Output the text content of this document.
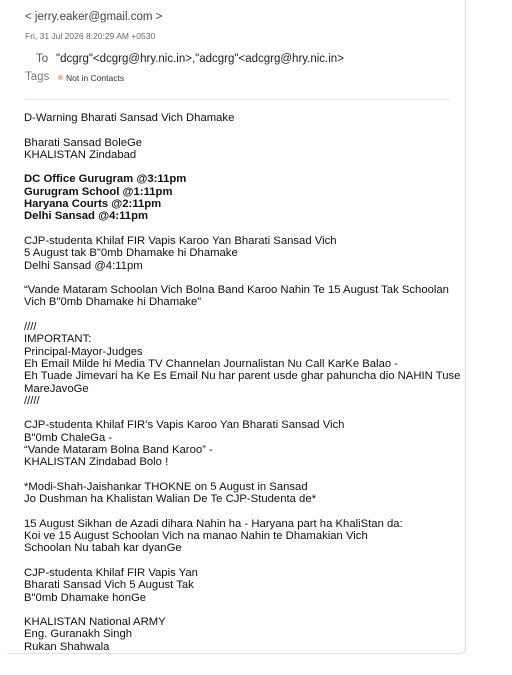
< jerry.eaker@gmail.com >
Fri, 31 Jul 2026 8:20:29 AM +0530
To "dcgrg"<dcgrg@hry.nic.in>,"adcgrg"<adcgrg@hry.nic.in>
Tags	Not in Contacts
D-Warning Bharati Sansad Vich Dhamake
Bharati Sansad BoleGe
KHALISTAN Zindabad
DC Office Gurugram @3:11pm
Gurugram School @1:11pm
Haryana Courts @2:11pm
Delhi Sansad @4:11pm
CJP-studenta Khilaf FIR Vapis Karoo Yan Bharati Sansad Vich
5 August tak B"0mb Dhamake hi Dhamake
Delhi Sansad @4:11pm
“Vande Mataram Schoolan Vich Bolna Band Karoo Nahin Te 15 August Tak Schoolan
Vich B"0mb Dhamake hi Dhamake”
////
IMPORTANT:
Principal-Mayor-Judges
Eh Email Milde hi Media TV Channelan Journalistan Nu Call KarKe Balao -
Eh Tuade Jimevari ha Ke Es Email Nu har parent usde ghar pahuncha dio NAHIN Tuse
MareJavoGe
/////
CJP-studenta Khilaf FIR’s Vapis Karoo Yan Bharati Sansad Vich
B"0mb ChaleGa -
“Vande Mataram Bolna Band Karoo” -
KHALISTAN Zindabad Bolo !
*Modi-Shah-Jaishankar THOKNE on 5 August in Sansad
Jo Dushman ha Khalistan Walian De Te CJP-Studenta de*
15 August Sikhan de Azadi dihara Nahin ha - Haryana part ha KhaliStan da:
Koi ve 15 August Schoolan Vich na manao Nahin te Dhamakian Vich
Schoolan Nu tabah kar dyanGe
CJP-studenta Khilaf FIR Vapis Yan
Bharati Sansad Vich 5 August Tak
B"0mb Dhamake honGe
KHALISTAN National ARMY
Eng. Guranakh Singh
Rukan Shahwala
